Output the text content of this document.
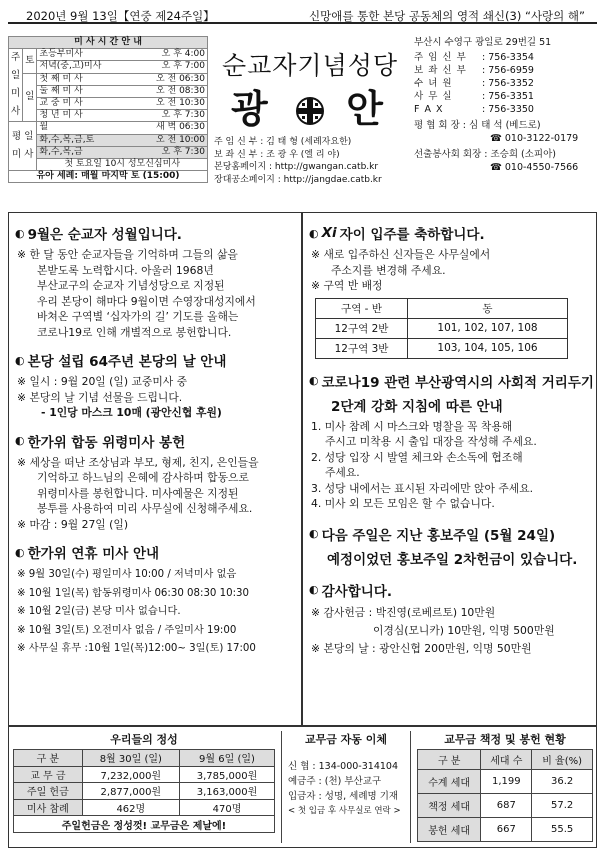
2020년 9월 13일【연중 제24주일】	신망애를 통한 본당 공동체의 영적 쇄신(3) “사랑의 해”
미 사 시 간 안 내		
주 일 미 사	토	초등부미사 오 후 4:00

		저녁(중,고)미사 오 후 7:00

	일	첫 째 미 사 오 전 06:30

		둘 째 미 사 오 전 08:30

		교 중 미 사 오 전 10:30

		청 년 미 사 오 후 7:30

평 일 미 사		월 새 벽 06:30

		화,수,목,금,토 오 전 10:00

		화,수,목,금 오 후 7:30

		첫 토요일 10시 성모신심미사
유아 세례: 매월 마지막 토 (15:00)		
순교자기념성당
광 안
주 임 신 부 : 김 태 형 (세례자요한)
보 좌 신 부 : 조 광 우 (엘 리 야)
본당홈페이지 : http://gwangan.catb.kr
장대공소페이지 : http://jangdae.catb.kr
부산시 수영구 광일로 29번길 51
주 임 신 부	: 756-3354
보 좌 신 부	: 756-6959
수 녀 원	: 756-3352
사 무 실	: 756-3351
F A X	: 756-3350
평 협 회 장 : 심 태 석 (베드로)
☎ 010-3122-0179
선출봉사회 회장 : 조승희 (소피아)
☎ 010-4550-7566
◐ 9월은 순교자 성월입니다.
※ 한 달 동안 순교자들을 기억하며 그들의 삶을
본받도록 노력합시다. 아울러 1968년
부산교구의 순교자 기념성당으로 지정된
우리 본당이 해마다 9월이면 수영장대성지에서
바쳐온 구역별 ‘십자가의 길’ 기도를 올해는
코로나19로 인해 개별적으로 봉헌합니다.
◐ 본당 설립 64주년 본당의 날 안내
※ 일시 : 9월 20일 (일) 교중미사 중
※ 본당의 날 기념 선물을 드립니다.
- 1인당 마스크 10매 (광안신협 후원)
◐ 한가위 합동 위령미사 봉헌
※ 세상을 떠난 조상님과 부모, 형제, 친지, 은인들을
기억하고 하느님의 은혜에 감사하며 합동으로
위령미사를 봉헌합니다. 미사예물은 지정된
봉투를 사용하여 미리 사무실에 신청해주세요.
※ 마감 : 9월 27일 (일)
◐ 한가위 연휴 미사 안내
※ 9월 30일(수) 평일미사 10:00 / 저녁미사 없음
※ 10월 1일(목) 합동위령미사 06:30 08:30 10:30
※ 10월 2일(금) 본당 미사 없습니다.
※ 10월 3일(토) 오전미사 없음 / 주일미사 19:00
※ 사무실 휴무 :10월 1일(목)12:00~ 3일(토) 17:00
◐ Xi 자이 입주를 축하합니다.
※ 새로 입주하신 신자들은 사무실에서
주소지를 변경해 주세요.
※ 구역 반 배정
구역 - 반	동
12구역 2반	101, 102, 107, 108
12구역 3반	103, 104, 105, 106
◐ 코로나19 관련 부산광역시의 사회적 거리두기
2단계 강화 지침에 따른 안내
1. 미사 참례 시 마스크와 명찰을 꼭 착용해
주시고 미착용 시 출입 대장을 작성해 주세요.
2. 성당 입장 시 발열 체크와 손소독에 협조해
주세요.
3. 성당 내에서는 표시된 자리에만 앉아 주세요.
4. 미사 외 모든 모임은 할 수 없습니다.
◐ 다음 주일은 지난 홍보주일 (5월 24일)
예정이었던 홍보주일 2차헌금이 있습니다.
◐ 감사합니다.
※ 감사헌금 : 박진영(로베르토) 10만원
이경심(모니카) 10만원, 익명 500만원
※ 본당의 날 : 광안신협 200만원, 익명 50만원
우리들의 정성
구 분	8월 30일 (일)	9월 6일 (일)
교 무 금	7,232,000원	3,785,000원
주일 헌금	2,877,000원	3,163,000원
미사 참례	462명	470명
주일헌금은 정성껏! 교무금은 제날에!		
교무금 자동 이체
신 협 : 134-000-314104
예금주 : (천) 부산교구
입금자 : 성명, 세례명 기재
< 첫 입금 후 사무실로 연락 >
교무금 책정 및 봉헌 현황
구 분	세대 수	비 율(%)
수계 세대	1,199	36.2
책정 세대	687	57.2
봉헌 세대	667	55.5
